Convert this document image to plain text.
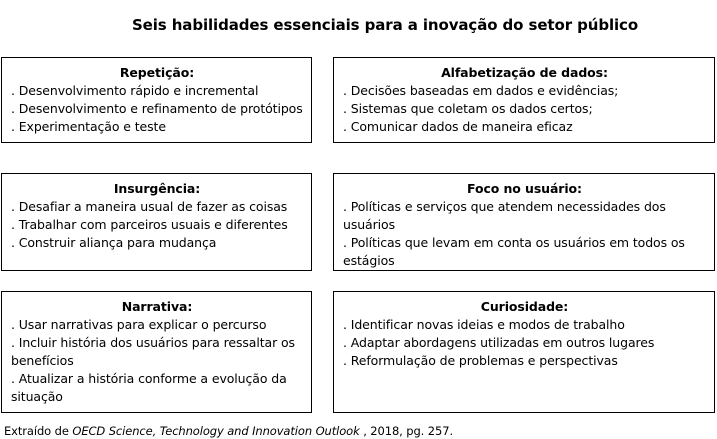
Seis habilidades essenciais para a inovação do setor público
Repetição:
. Desenvolvimento rápido e incremental
. Desenvolvimento e refinamento de protótipos
. Experimentação e teste
Alfabetização de dados:
. Decisões baseadas em dados e evidências;
. Sistemas que coletam os dados certos;
. Comunicar dados de maneira eficaz
Insurgência:
. Desafiar a maneira usual de fazer as coisas
. Trabalhar com parceiros usuais e diferentes
. Construir aliança para mudança
Foco no usuário:
. Políticas e serviços que atendem necessidades dos usuários
. Políticas que levam em conta os usuários em todos os estágios
Narrativa:
. Usar narrativas para explicar o percurso
. Incluir história dos usuários para ressaltar os benefícios
. Atualizar a história conforme a evolução da situação
Curiosidade:
. Identificar novas ideias e modos de trabalho
. Adaptar abordagens utilizadas em outros lugares
. Reformulação de problemas e perspectivas
Extraído de OECD Science, Technology and Innovation Outlook , 2018, pg. 257.
